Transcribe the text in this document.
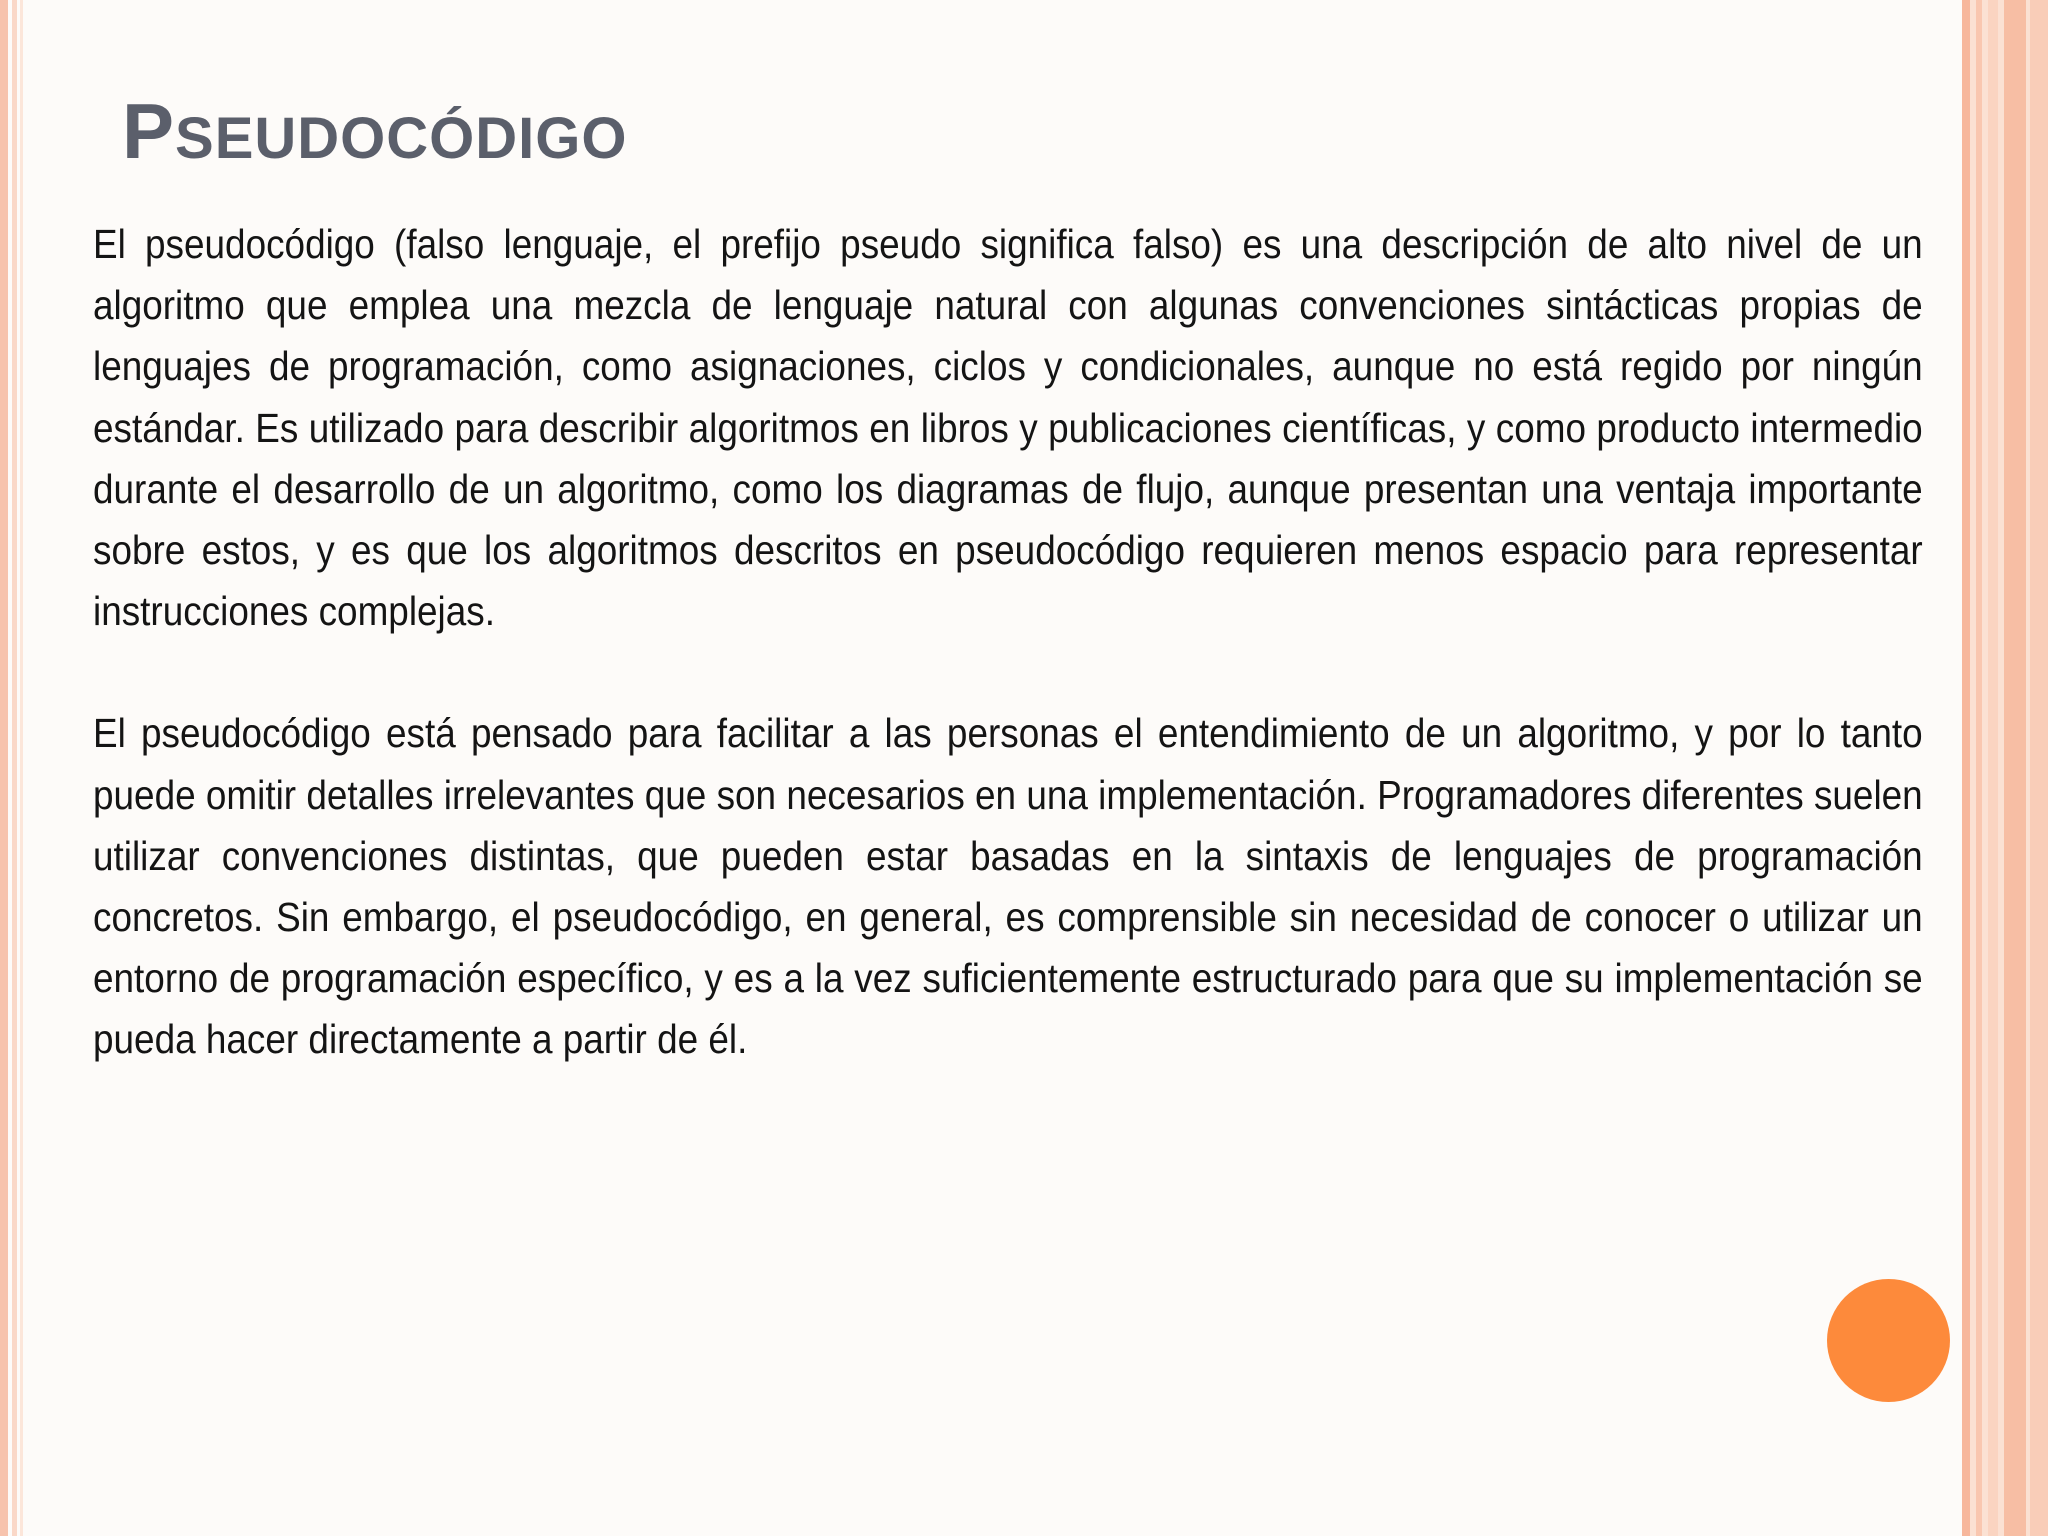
PSEUDOCÓDIGO

El pseudocódigo (falso lenguaje, el prefijo pseudo significa falso) es una descripción de alto nivel de un algoritmo que emplea una mezcla de lenguaje natural con algunas convenciones sintácticas propias de lenguajes de programación, como asignaciones, ciclos y condicionales, aunque no está regido por ningún estándar. Es utilizado para describir algoritmos en libros y publicaciones científicas, y como producto intermedio durante el desarrollo de un algoritmo, como los diagramas de flujo, aunque presentan una ventaja importante sobre estos, y es que los algoritmos descritos en pseudocódigo requieren menos espacio para representar instrucciones complejas.

El pseudocódigo está pensado para facilitar a las personas el entendimiento de un algoritmo, y por lo tanto puede omitir detalles irrelevantes que son necesarios en una implementación. Programadores diferentes suelen utilizar convenciones distintas, que pueden estar basadas en la sintaxis de lenguajes de programación concretos. Sin embargo, el pseudocódigo, en general, es comprensible sin necesidad de conocer o utilizar un entorno de programación específico, y es a la vez suficientemente estructurado para que su implementación se pueda hacer directamente a partir de él.
